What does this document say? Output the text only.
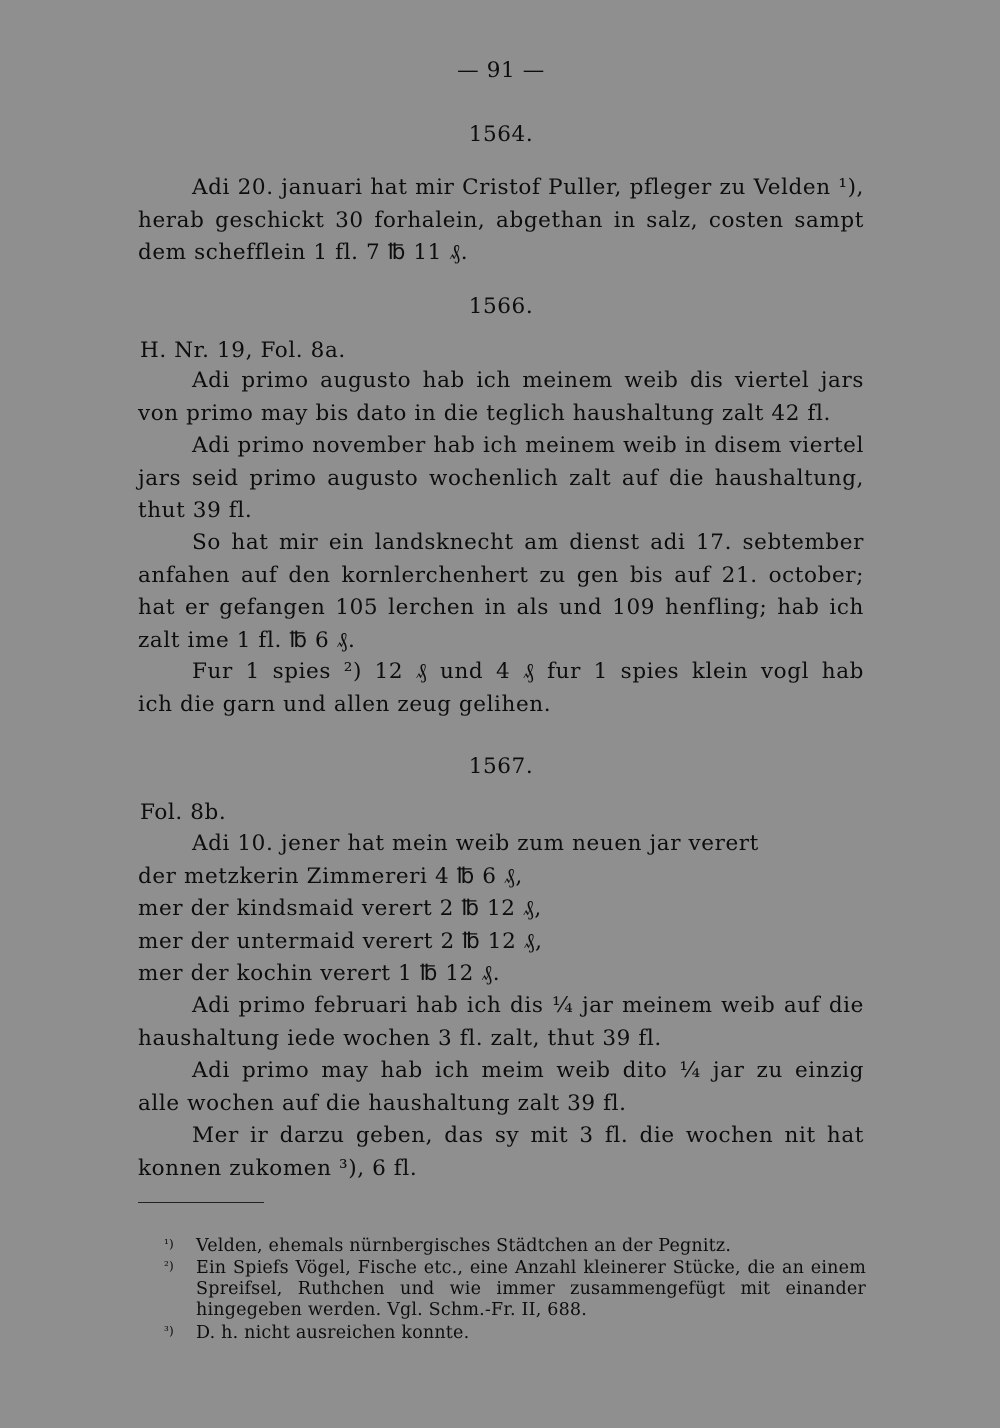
— 91 —
1564.
Adi 20. januari hat mir Cristof Puller, pfleger zu Velden ¹),
herab geschickt 30 forhalein, abgethan in salz, costen sampt
dem schefflein 1 fl. 7 ℔ 11 ₰.
1566.
H. Nr. 19, Fol. 8a.
Adi primo augusto hab ich meinem weib dis viertel jars
von primo may bis dato in die teglich haushaltung zalt 42 fl.
Adi primo november hab ich meinem weib in disem viertel
jars seid primo augusto wochenlich zalt auf die haushaltung,
thut 39 fl.
So hat mir ein landsknecht am dienst adi 17. sebtember
anfahen auf den kornlerchenhert zu gen bis auf 21. october;
hat er gefangen 105 lerchen in als und 109 henfling; hab ich
zalt ime 1 fl. ℔ 6 ₰.
Fur 1 spies ²) 12 ₰ und 4 ₰ fur 1 spies klein vogl hab
ich die garn und allen zeug gelihen.
1567.
Fol. 8b.
Adi 10. jener hat mein weib zum neuen jar verert
der metzkerin Zimmereri 4 ℔ 6 ₰,
mer der kindsmaid verert 2 ℔ 12 ₰,
mer der untermaid verert 2 ℔ 12 ₰,
mer der kochin verert 1 ℔ 12 ₰.
Adi primo februari hab ich dis ¼ jar meinem weib auf die
haushaltung iede wochen 3 fl. zalt, thut 39 fl.
Adi primo may hab ich meim weib dito ¼ jar zu einzig
alle wochen auf die haushaltung zalt 39 fl.
Mer ir darzu geben, das sy mit 3 fl. die wochen nit hat
konnen zukomen ³), 6 fl.
¹)	Velden, ehemals nürnbergisches Städtchen an der Pegnitz.
²)	Ein Spiefs Vögel, Fische etc., eine Anzahl kleinerer Stücke, die an einem Spreifsel, Ruthchen und wie immer zusammengefügt mit einander hingegeben werden. Vgl. Schm.-Fr. II, 688.
³)	D. h. nicht ausreichen konnte.
